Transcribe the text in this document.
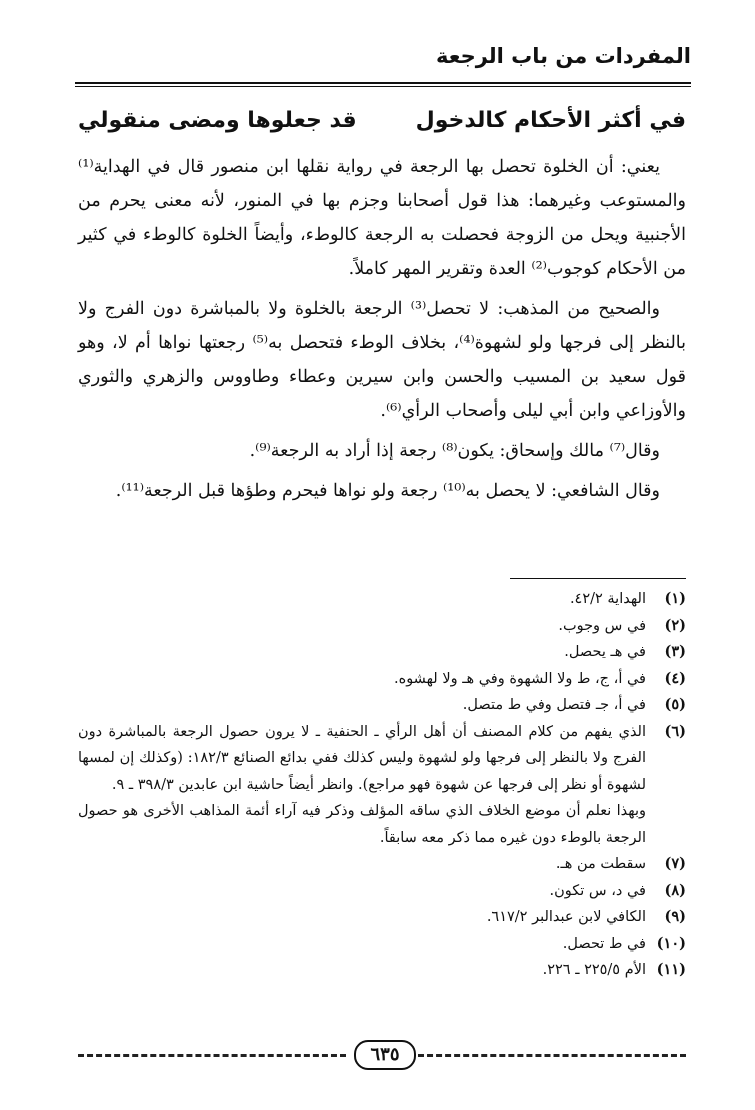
المفردات من باب الرجعة
في أكثر الأحكام كالدخول
قد جعلوها ومضى منقولي

يعني: أن الخلوة تحصل بها الرجعة في رواية نقلها ابن منصور قال في الهداية⁽¹⁾ والمستوعب وغيرهما: هذا قول أصحابنا وجزم بها في المنور، لأنه معنى يحرم من الأجنبية ويحل من الزوجة فحصلت به الرجعة كالوطء، وأيضاً الخلوة كالوطء في كثير من الأحكام كوجوب⁽²⁾ العدة وتقرير المهر كاملاً.

والصحيح من المذهب: لا تحصل⁽³⁾ الرجعة بالخلوة ولا بالمباشرة دون الفرج ولا بالنظر إلى فرجها ولو لشهوة⁽⁴⁾، بخلاف الوطء فتحصل به⁽⁵⁾ رجعتها نواها أم لا، وهو قول سعيد بن المسيب والحسن وابن سيرين وعطاء وطاووس والزهري والثوري والأوزاعي وابن أبي ليلى وأصحاب الرأي⁽⁶⁾.

وقال⁽⁷⁾ مالك وإسحاق: يكون⁽⁸⁾ رجعة إذا أراد به الرجعة⁽⁹⁾.

وقال الشافعي: لا يحصل به⁽¹⁰⁾ رجعة ولو نواها فيحرم وطؤها قبل الرجعة⁽¹¹⁾.

(١)
الهداية ٤٢/٢.
(٢)
في س وجوب.
(٣)
في هـ يحصل.
(٤)
في أ، ج، ط ولا الشهوة وفي هـ ولا لهشوه.
(٥)
في أ، جـ فتصل وفي ط متصل.
(٦)
الذي يفهم من كلام المصنف أن أهل الرأي ـ الحنفية ـ لا يرون حصول الرجعة بالمباشرة دون الفرج ولا بالنظر إلى فرجها ولو لشهوة وليس كذلك ففي بدائع الصنائع ١٨٢/٣: (وكذلك إن لمسها لشهوة أو نظر إلى فرجها عن شهوة فهو مراجع). وانظر أيضاً حاشية ابن عابدين ٣٩٨/٣ ـ ٩.
وبهذا نعلم أن موضع الخلاف الذي ساقه المؤلف وذكر فيه آراء أئمة المذاهب الأخرى هو حصول الرجعة بالوطء دون غيره مما ذكر معه سابقاً.
(٧)
سقطت من هـ.
(٨)
في د، س تكون.
(٩)
الكافي لابن عبدالبر ٦١٧/٢.
(١٠)
في ط تحصل.
(١١)
الأم ٢٢٥/٥ ـ ٢٢٦.
٦٣٥
